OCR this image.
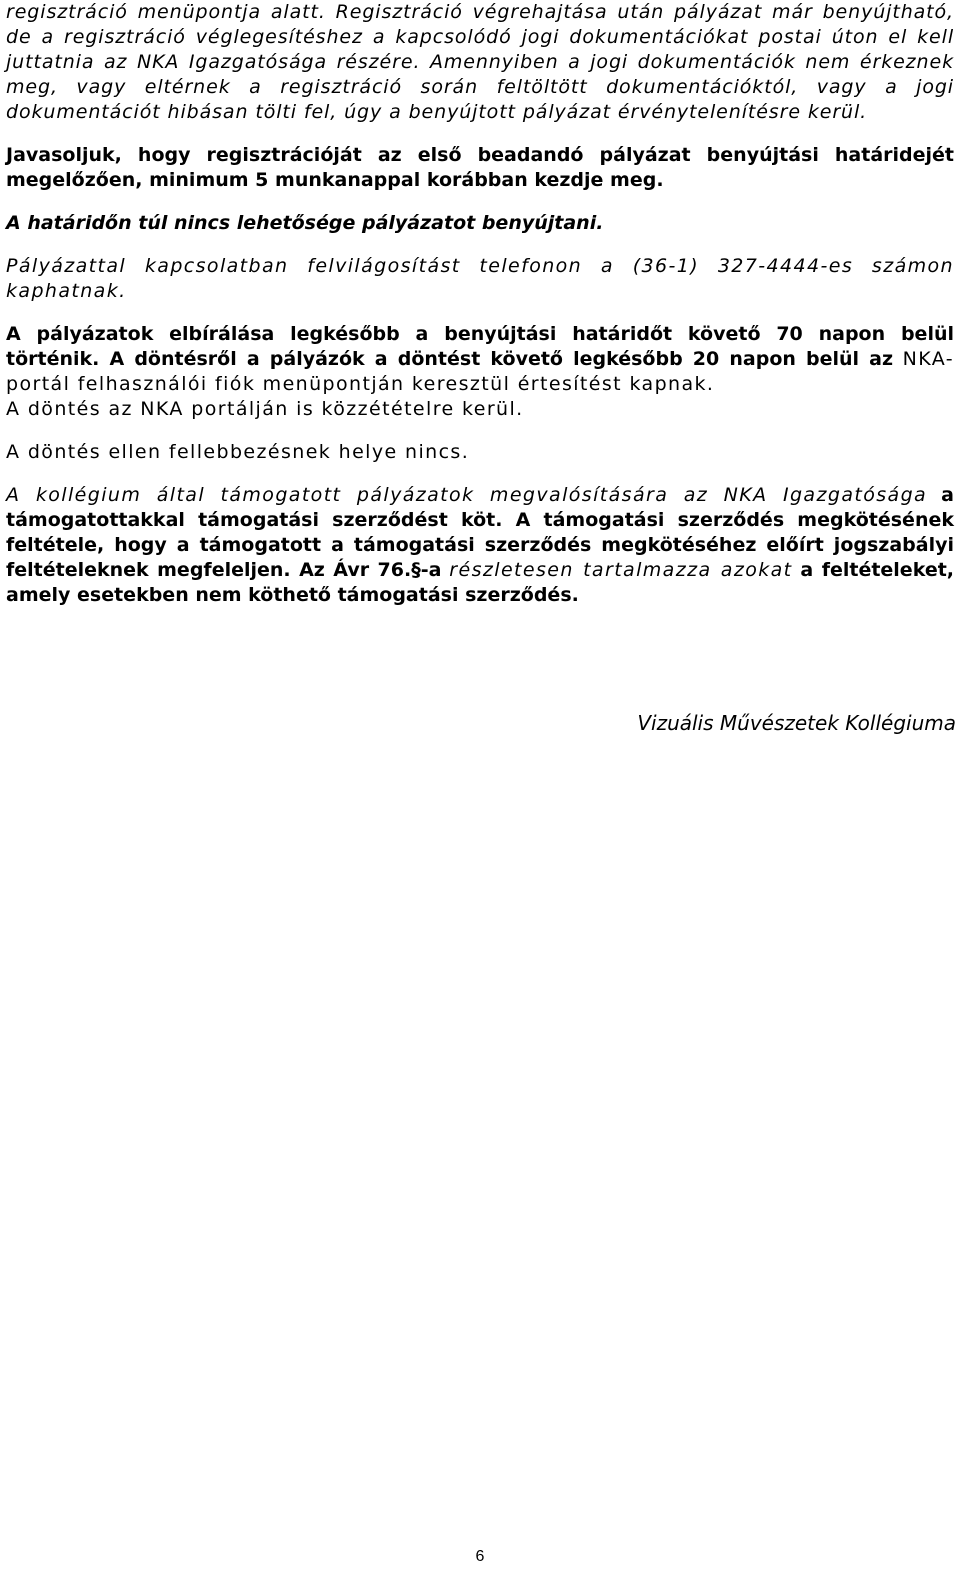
regisztráció menüpontja alatt. Regisztráció végrehajtása után pályázat már benyújtható, de a regisztráció véglegesítéshez a kapcsolódó jogi dokumentációkat postai úton el kell juttatnia az NKA Igazgatósága részére. Amennyiben a jogi dokumentációk nem érkeznek meg, vagy eltérnek a regisztráció során feltöltött dokumentációktól, vagy a jogi dokumentációt hibásan tölti fel, úgy a benyújtott pályázat érvénytelenítésre kerül.

Javasoljuk, hogy regisztrációját az első beadandó pályázat benyújtási határidejét megelőzően, minimum 5 munkanappal korábban kezdje meg.

A határidőn túl nincs lehetősége pályázatot benyújtani.

Pályázattal kapcsolatban felvilágosítást telefonon a (36-1) 327-4444-es számon kaphatnak.

A pályázatok elbírálása legkésőbb a benyújtási határidőt követő 70 napon belül történik. A döntésről a pályázók a döntést követő legkésőbb 20 napon belül az NKA-portál felhasználói fiók menüpontján keresztül értesítést kapnak.
A döntés az NKA portálján is közzétételre kerül.

A döntés ellen fellebbezésnek helye nincs.

A kollégium által támogatott pályázatok megvalósítására az NKA Igazgatósága a támogatottakkal támogatási szerződést köt. A támogatási szerződés megkötésének feltétele, hogy a támogatott a támogatási szerződés megkötéséhez előírt jogszabályi feltételeknek megfeleljen. Az Ávr 76.§-a részletesen tartalmazza azokat a feltételeket, amely esetekben nem köthető támogatási szerződés.

Vizuális Művészetek Kollégiuma
6
